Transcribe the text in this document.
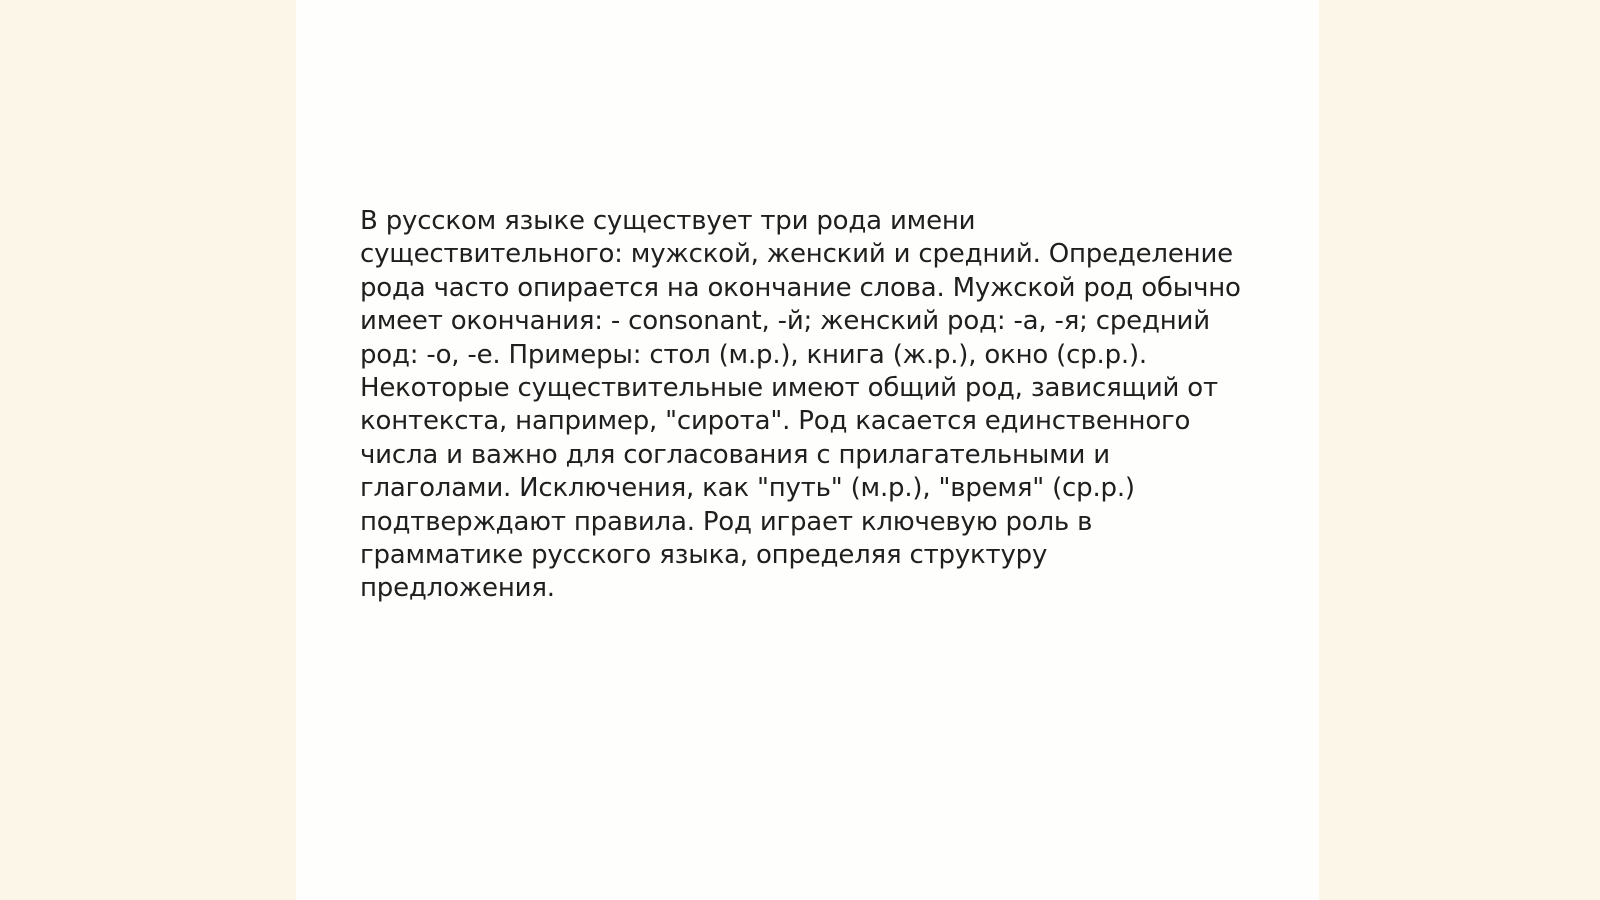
В русском языке существует три рода имени существительного: мужской, женский и средний. Определение рода часто опирается на окончание слова. Мужской род обычно имеет окончания: - consonant, -й; женский род: -а, -я; средний род: -о, -е. Примеры: стол (м.р.), книга (ж.р.), окно (ср.р.). Некоторые существительные имеют общий род, зависящий от контекста, например, "сирота". Род касается единственного числа и важно для согласования с прилагательными и глаголами. Исключения, как "путь" (м.р.), "время" (ср.р.) подтверждают правила. Род играет ключевую роль в грамматике русского языка, определяя структуру предложения.
